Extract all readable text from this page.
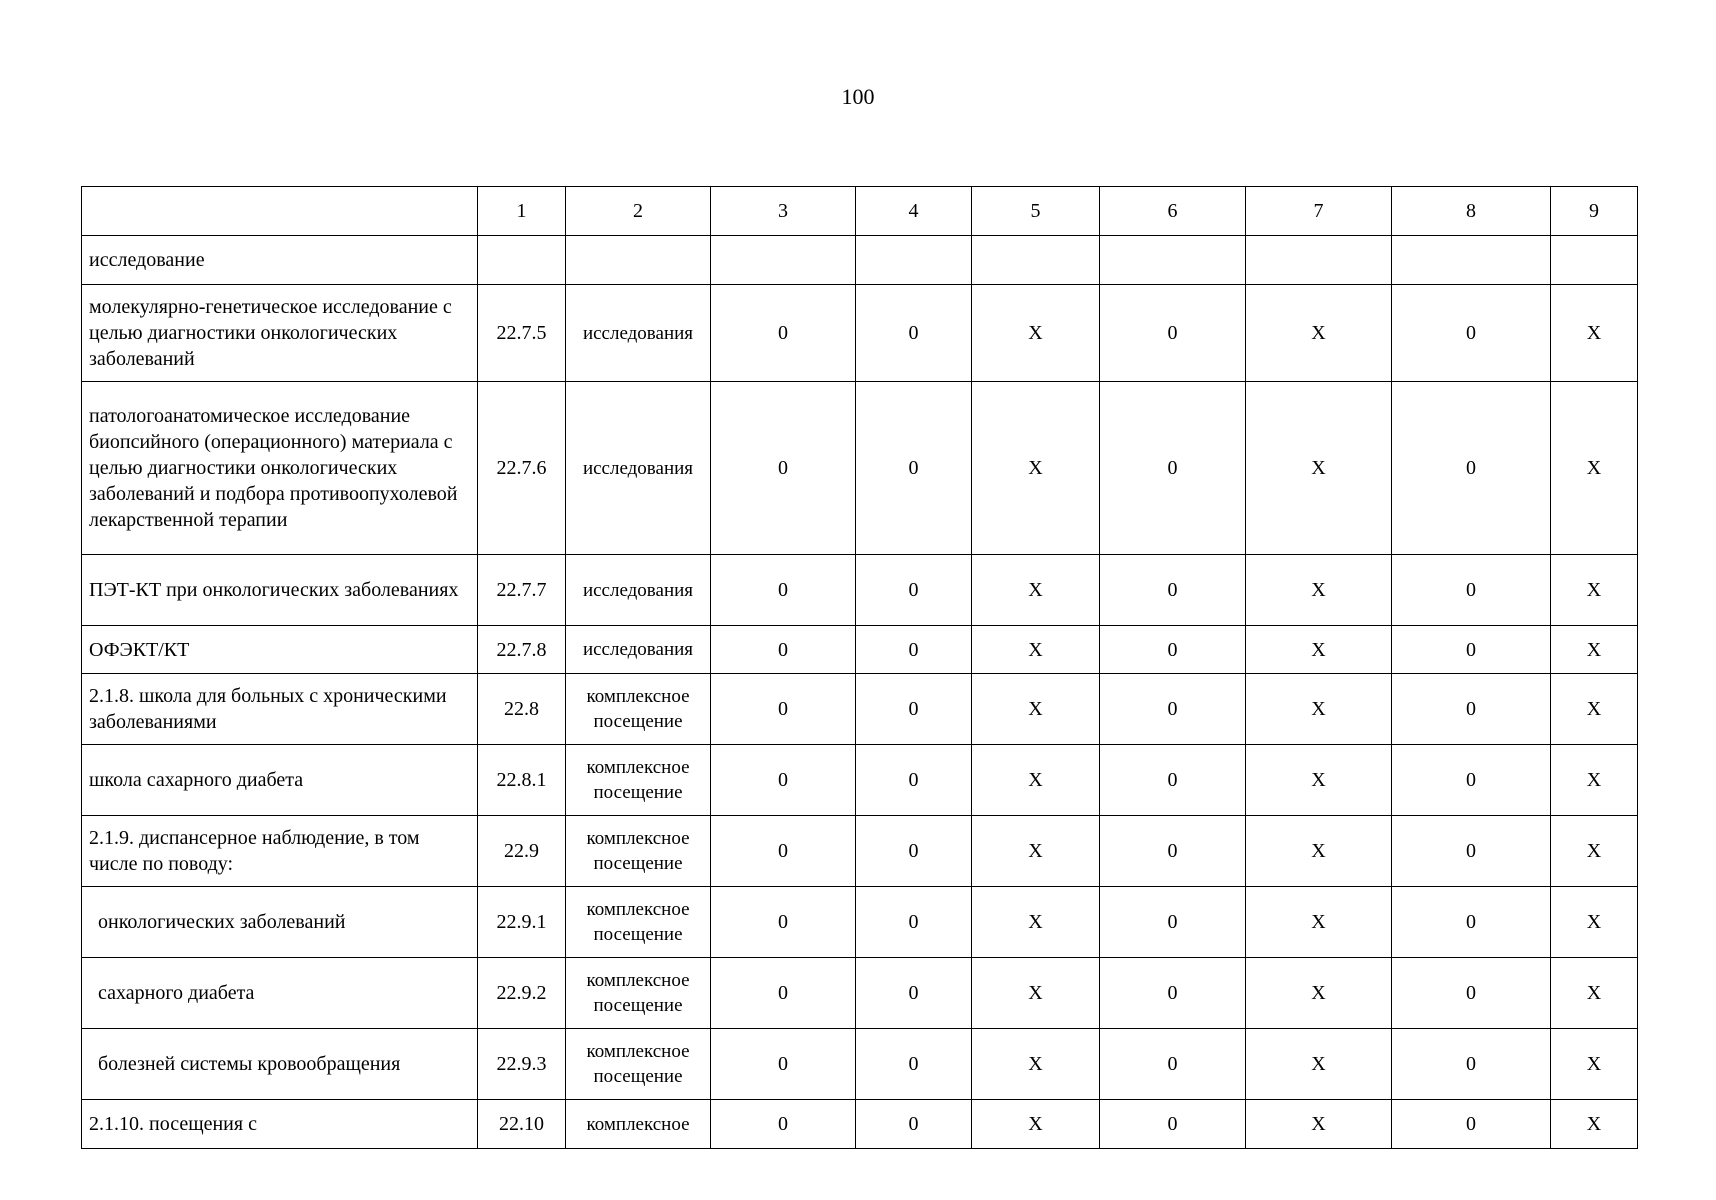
100
	1	2	3	4	5	6	7	8	9
исследование									
молекулярно-генетическое исследование с целью диагностики онкологических заболеваний	22.7.5	исследования	0	0	X	0	X	0	X
патологоанатомическое исследование биопсийного (операционного) материала с целью диагностики онкологических заболеваний и подбора противоопухолевой лекарственной терапии	22.7.6	исследования	0	0	X	0	X	0	X
ПЭТ-КТ при онкологических заболеваниях	22.7.7	исследования	0	0	X	0	X	0	X
ОФЭКТ/КТ	22.7.8	исследования	0	0	X	0	X	0	X
2.1.8. школа для больных с хроническими заболеваниями	22.8	комплексное посещение	0	0	X	0	X	0	X
школа сахарного диабета	22.8.1	комплексное посещение	0	0	X	0	X	0	X
2.1.9. диспансерное наблюдение, в том числе по поводу:	22.9	комплексное посещение	0	0	X	0	X	0	X
онкологических заболеваний	22.9.1	комплексное посещение	0	0	X	0	X	0	X
сахарного диабета	22.9.2	комплексное посещение	0	0	X	0	X	0	X
болезней системы кровообращения	22.9.3	комплексное посещение	0	0	X	0	X	0	X
2.1.10. посещения с	22.10	комплексное	0	0	X	0	X	0	X
